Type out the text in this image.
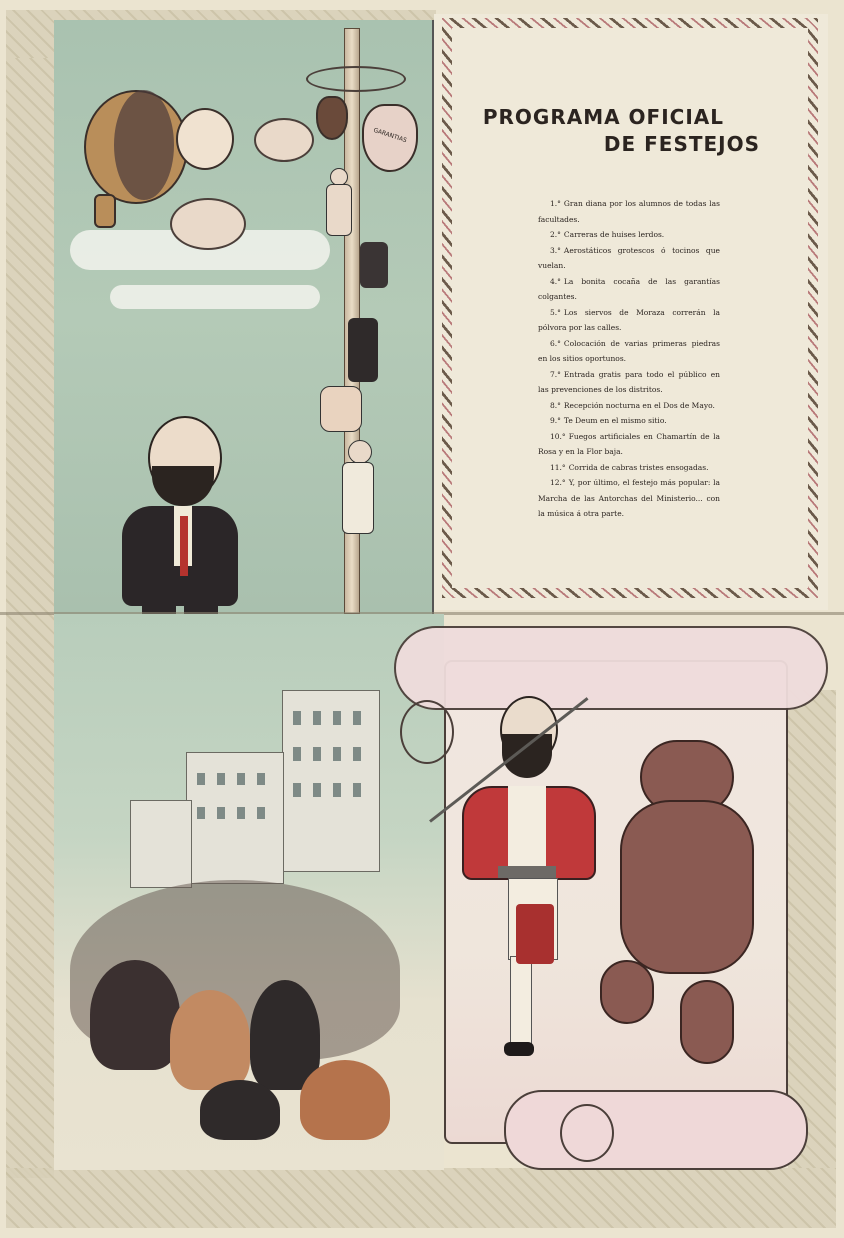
GARANTIAS
PROGRAMA OFICIAL
DE FESTEJOS

1.° Gran diana por los alumnos de todas las facultades.

2.° Carreras de huises lerdos.

3.° Aerostáticos grotescos ó tocinos que vuelan.

4.° La bonita cocaña de las garantías colgantes.

5.° Los siervos de Moraza correrán la pólvora por las calles.

6.° Colocación de varias primeras piedras en los sitios oportunos.

7.° Entrada gratis para todo el público en las prevenciones de los distritos.

8.° Recepción nocturna en el Dos de Mayo.

9.° Te Deum en el mismo sitio.

10.° Fuegos artificiales en Chamartín de la Rosa y en la Flor baja.

11.° Corrida de cabras tristes ensogadas.

12.° Y, por último, el festejo más popular: la Marcha de las Antorchas del Ministerio... con la música á otra parte.
